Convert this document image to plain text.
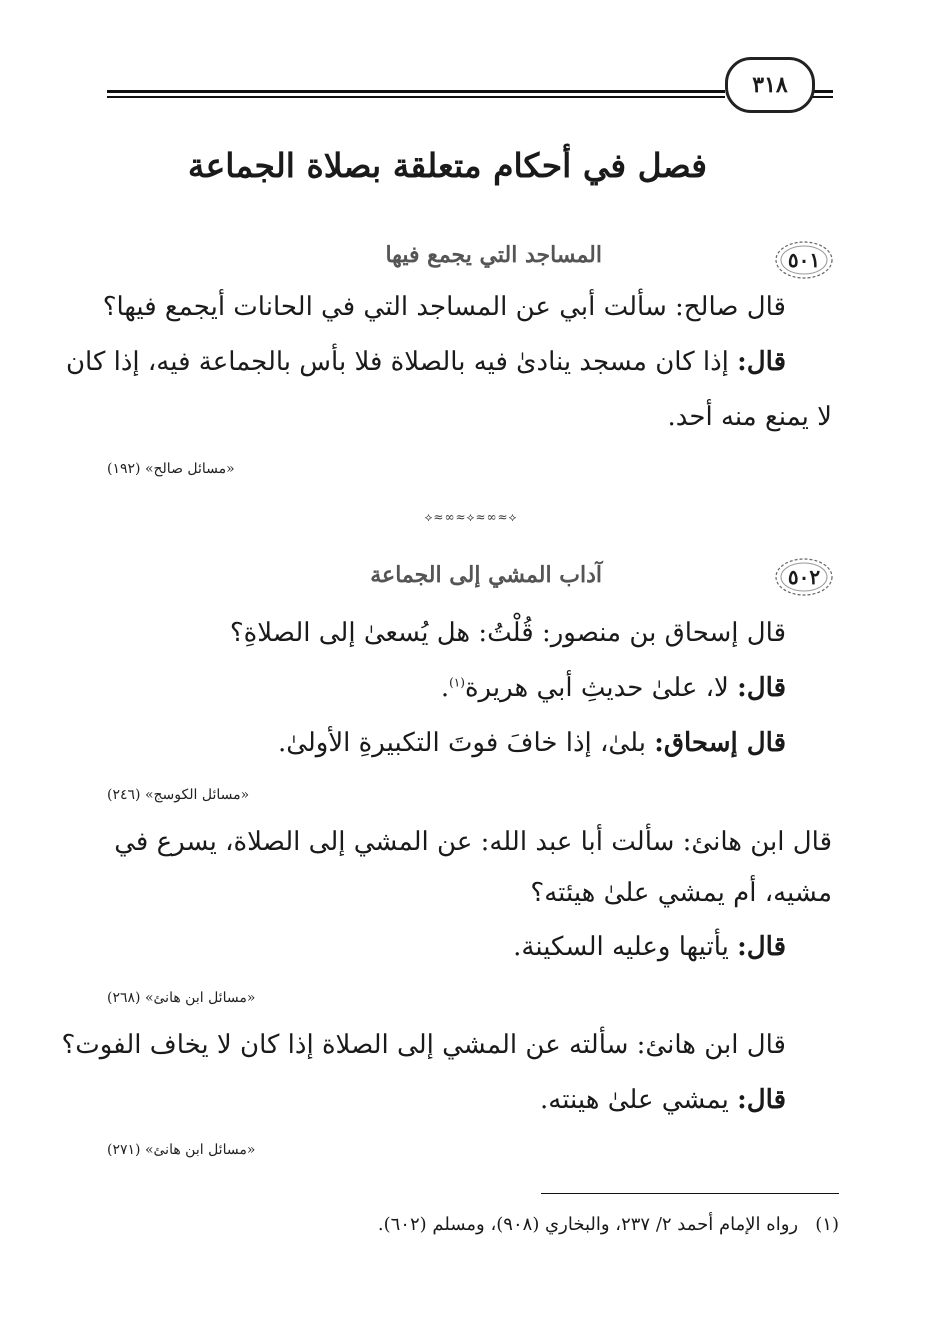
٣١٨
فصل في أحكام متعلقة بصلاة الجماعة
٥٠١
المساجد التي يجمع فيها
قال صالح: سألت أبي عن المساجد التي في الحانات أيجمع فيها؟
قال: إذا كان مسجد ينادىٰ فيه بالصلاة فلا بأس بالجماعة فيه، إذا كان
لا يمنع منه أحد.
«مسائل صالح» (١٩٢)
⟡≈∞≈⟡≈∞≈⟡
٥٠٢
آداب المشي إلى الجماعة
قال إسحاق بن منصور: قُلْتُ: هل يُسعىٰ إلى الصلاةِ؟
قال: لا، علىٰ حديثِ أبي هريرة$^{(١)}$.
قال إسحاق: بلىٰ، إذا خافَ فوتَ التكبيرةِ الأولىٰ.
«مسائل الكوسج» (٢٤٦)
قال ابن هانئ: سألت أبا عبد الله: عن المشي إلى الصلاة، يسرع في
مشيه، أم يمشي علىٰ هيئته؟
قال: يأتيها وعليه السكينة.
«مسائل ابن هانئ» (٢٦٨)
قال ابن هانئ: سألته عن المشي إلى الصلاة إذا كان لا يخاف الفوت؟
قال: يمشي علىٰ هينته.
«مسائل ابن هانئ» (٢٧١)
(١)   رواه الإمام أحمد ٢/ ٢٣٧، والبخاري (٩٠٨)، ومسلم (٦٠٢).
